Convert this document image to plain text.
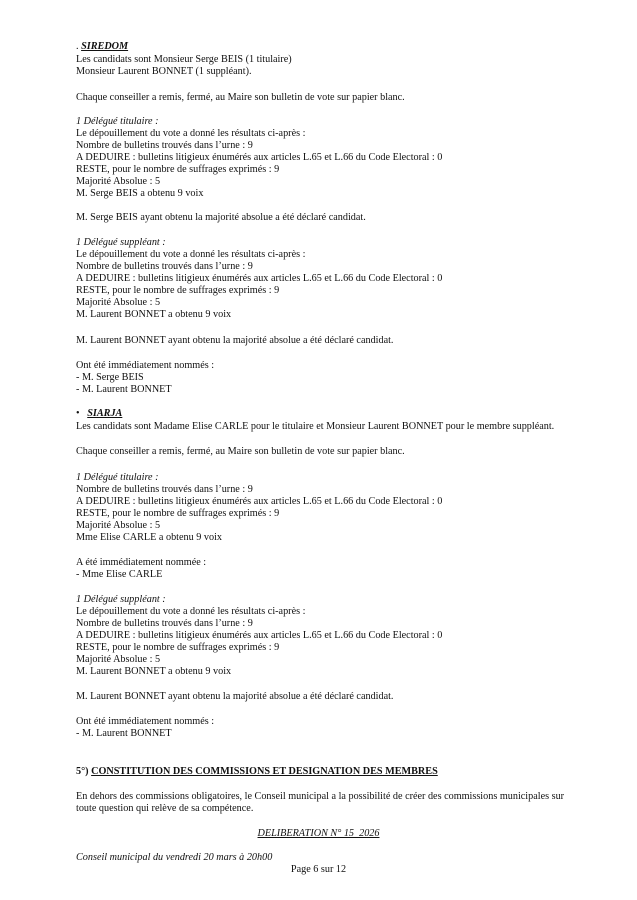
. SIREDOM
Les candidats sont Monsieur Serge BEIS (1 titulaire)
Monsieur Laurent BONNET (1 suppléant).
Chaque conseiller a remis, fermé, au Maire son bulletin de vote sur papier blanc.
1 Délégué titulaire :
Le dépouillement du vote a donné les résultats ci-après :
Nombre de bulletins trouvés dans l’urne : 9
A DEDUIRE : bulletins litigieux énumérés aux articles L.65 et L.66 du Code Electoral : 0
RESTE, pour le nombre de suffrages exprimés : 9
Majorité Absolue : 5
M. Serge BEIS a obtenu 9 voix
M. Serge BEIS ayant obtenu la majorité absolue a été déclaré candidat.
1 Délégué suppléant :
Le dépouillement du vote a donné les résultats ci-après :
Nombre de bulletins trouvés dans l’urne : 9
A DEDUIRE : bulletins litigieux énumérés aux articles L.65 et L.66 du Code Electoral : 0
RESTE, pour le nombre de suffrages exprimés : 9
Majorité Absolue : 5
M. Laurent BONNET a obtenu 9 voix
M. Laurent BONNET ayant obtenu la majorité absolue a été déclaré candidat.
Ont été immédiatement nommés :
- M. Serge BEIS
- M. Laurent BONNET
• SIARJA
Les candidats sont Madame Elise CARLE pour le titulaire et Monsieur Laurent BONNET pour le membre suppléant.
Chaque conseiller a remis, fermé, au Maire son bulletin de vote sur papier blanc.
1 Délégué titulaire :
Nombre de bulletins trouvés dans l’urne : 9
A DEDUIRE : bulletins litigieux énumérés aux articles L.65 et L.66 du Code Electoral : 0
RESTE, pour le nombre de suffrages exprimés : 9
Majorité Absolue : 5
Mme Elise CARLE a obtenu 9 voix
A été immédiatement nommée :
- Mme Elise CARLE
1 Délégué suppléant :
Le dépouillement du vote a donné les résultats ci-après :
Nombre de bulletins trouvés dans l’urne : 9
A DEDUIRE : bulletins litigieux énumérés aux articles L.65 et L.66 du Code Electoral : 0
RESTE, pour le nombre de suffrages exprimés : 9
Majorité Absolue : 5
M. Laurent BONNET a obtenu 9 voix
M. Laurent BONNET ayant obtenu la majorité absolue a été déclaré candidat.
Ont été immédiatement nommés :
- M. Laurent BONNET
5°) CONSTITUTION DES COMMISSIONS ET DESIGNATION DES MEMBRES
En dehors des commissions obligatoires, le Conseil municipal a la possibilité de créer des commissions municipales sur
toute question qui relève de sa compétence.
DELIBERATION N° 15_2026
Conseil municipal du vendredi 20 mars à 20h00
Page 6 sur 12
